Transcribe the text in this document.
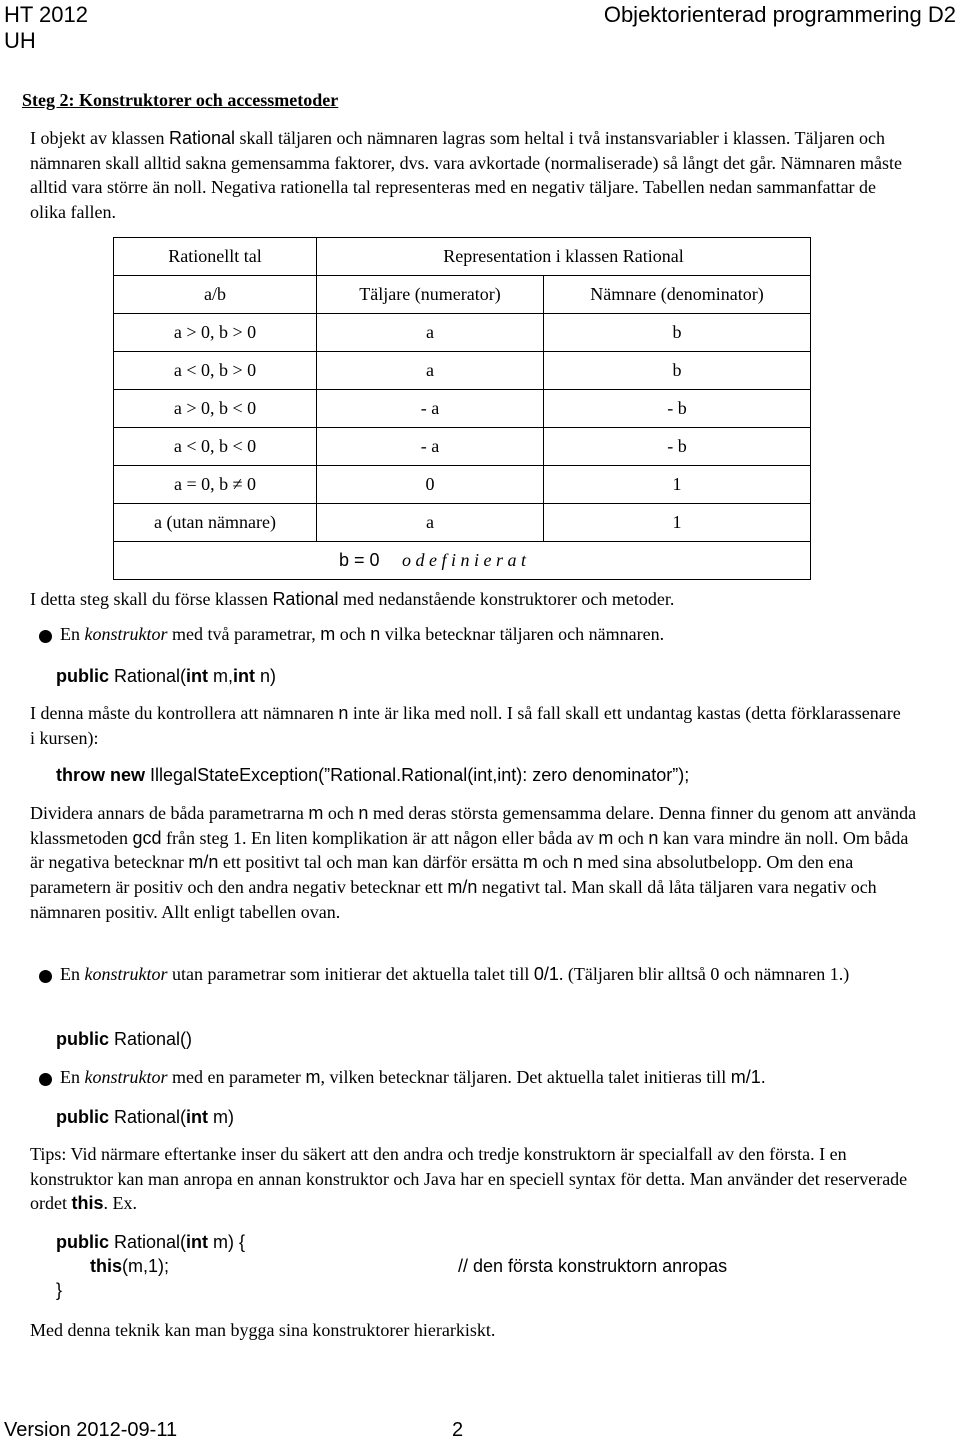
HT 2012
UH
Objektorienterad programmering D2
Steg 2: Konstruktorer och accessmetoder
I objekt av klassen Rational skall täljaren och nämnaren lagras som heltal i två instansvariabler i klassen. Täljaren och nämnaren skall alltid sakna gemensamma faktorer, dvs. vara avkortade (normaliserade) så långt det går. Nämnaren måste alltid vara större än noll. Negativa rationella tal representeras med en negativ täljare. Tabellen nedan sammanfattar de olika fallen.
Rationellt tal	Representation i klassen Rational	
a/b	Täljare (numerator)	Nämnare (denominator)
a > 0, b > 0	a	b
a < 0, b > 0	a	b
a > 0, b < 0	- a	- b
a < 0, b < 0	- a	- b
a = 0, b ≠ 0	0	1
a (utan nämnare)	a	1
b = 0 o d e f i n i e r a t		
I detta steg skall du förse klassen Rational med nedanstående konstruktorer och metoder.
En konstruktor med två parametrar, m och n vilka betecknar täljaren och nämnaren.
public Rational(int m,int n)
I denna måste du kontrollera att nämnaren n inte är lika med noll. I så fall skall ett undantag kastas (detta förklarassenare i kursen):
throw new IllegalStateException(”Rational.Rational(int,int): zero denominator”);
Dividera annars de båda parametrarna m och n med deras största gemensamma delare. Denna finner du genom att använda klassmetoden gcd från steg 1. En liten komplikation är att någon eller båda av m och n kan vara mindre än noll. Om båda är negativa betecknar m/n ett positivt tal och man kan därför ersätta m och n med sina absolutbelopp. Om den ena parametern är positiv och den andra negativ betecknar ett m/n negativt tal. Man skall då låta täljaren vara negativ och nämnaren positiv. Allt enligt tabellen ovan.
En konstruktor utan parametrar som initierar det aktuella talet till 0/1. (Täljaren blir alltså 0 och nämnaren 1.)
public Rational()
En konstruktor med en parameter m, vilken betecknar täljaren. Det aktuella talet initieras till m/1.
public Rational(int m)
Tips: Vid närmare eftertanke inser du säkert att den andra och tredje konstruktorn är specialfall av den första. I en konstruktor kan man anropa en annan konstruktor och Java har en speciell syntax för detta. Man använder det reserverade ordet this. Ex.
public Rational(int m) {
this(m,1);	// den första konstruktorn anropas
}
Med denna teknik kan man bygga sina konstruktorer hierarkiskt.
Version 2012-09-11	2
